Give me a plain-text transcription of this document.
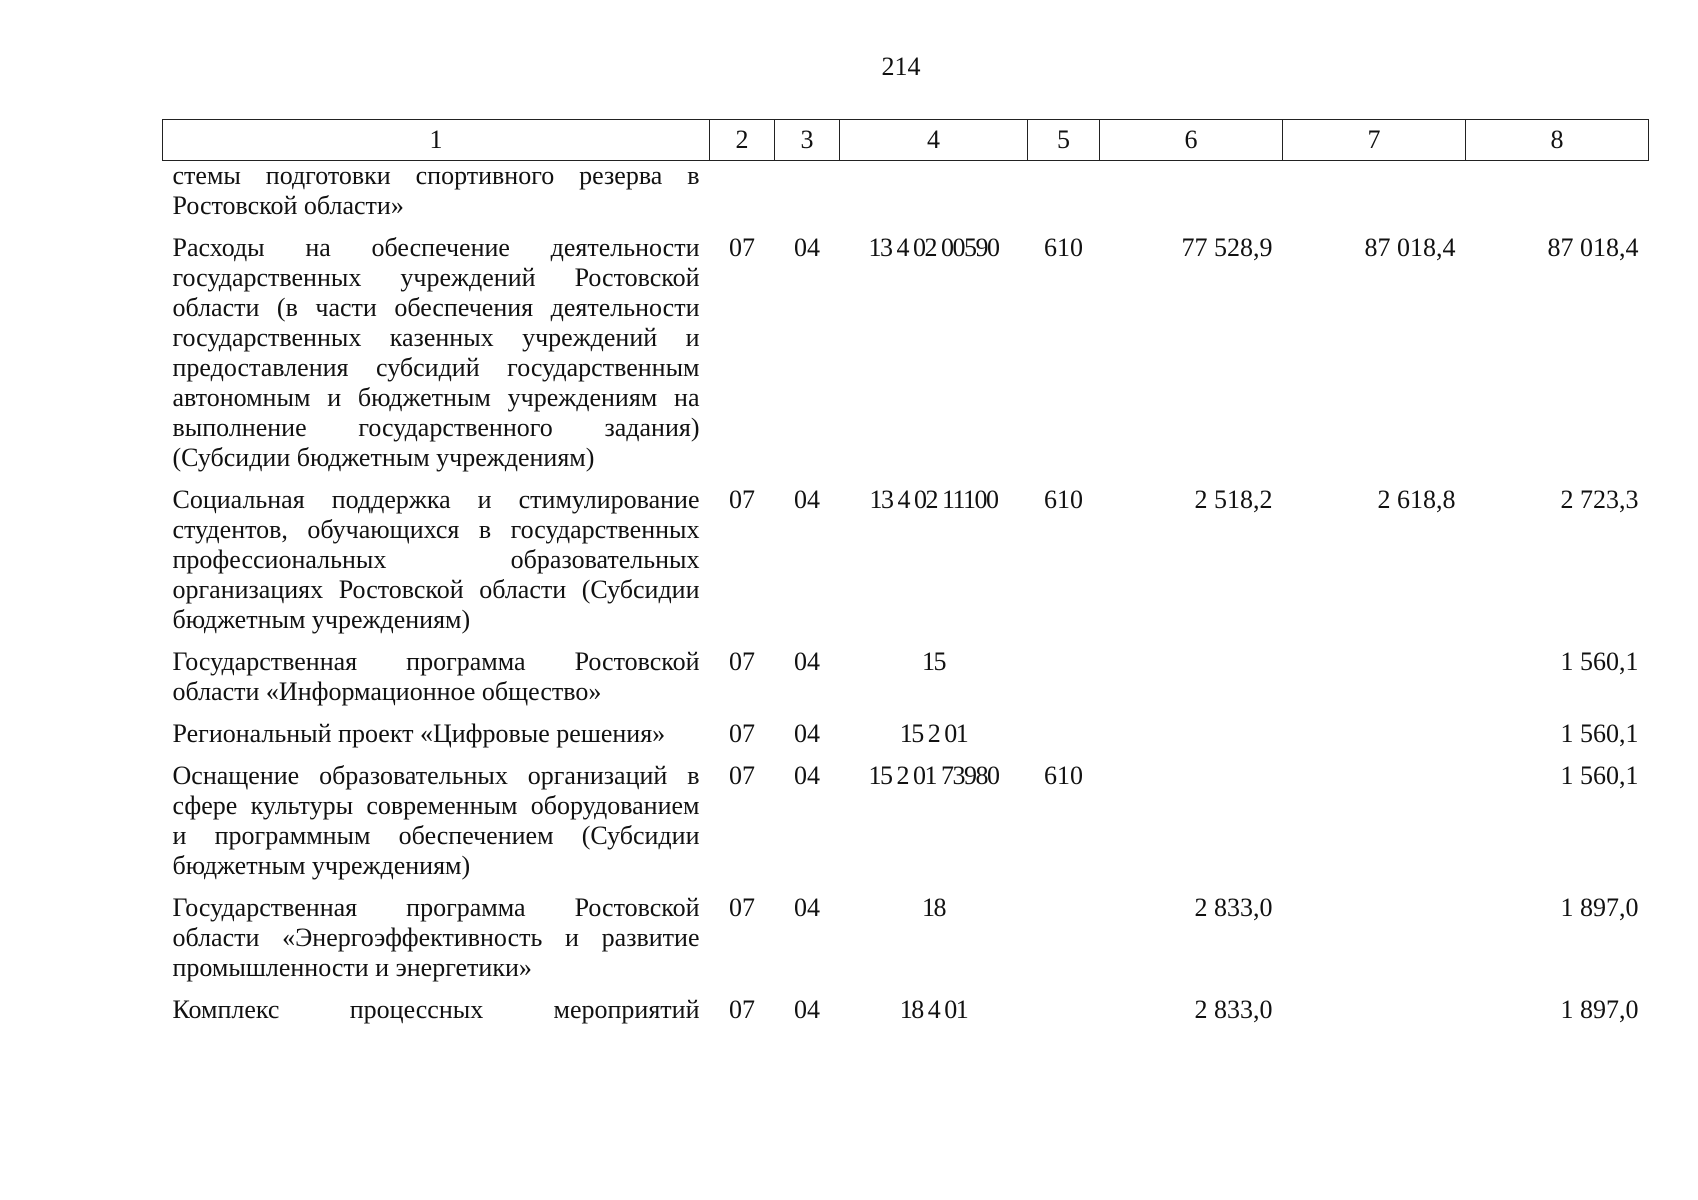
214
1	2	3	4	5	6	7	8
стемы подготовки спортивного резерва в Ростовской области»							
Расходы на обеспечение деятельности государственных учреждений Ростовской области (в части обеспечения деятельности государственных казенных учреждений и предоставления субсидий государственным автономным и бюджетным учреждениям на выполнение государственного задания) (Субсидии бюджетным учреждениям)	07	04	13 4 02 00590	610	77 528,9	87 018,4	87 018,4
Социальная поддержка и стимулирование студентов, обучающихся в государственных профессиональных образовательных организациях Ростовской области (Субсидии бюджетным учреждениям)	07	04	13 4 02 11100	610	2 518,2	2 618,8	2 723,3
Государственная программа Ростовской области «Информационное общество»	07	04	15				1 560,1
Региональный проект «Цифровые решения»	07	04	15 2 01				1 560,1
Оснащение образовательных организаций в сфере культуры современным оборудованием и программным обеспечением (Субсидии бюджетным учреждениям)	07	04	15 2 01 73980	610			1 560,1
Государственная программа Ростовской области «Энергоэффективность и развитие промышленности и энергетики»	07	04	18		2 833,0		1 897,0
Комплекс процессных мероприятий	07	04	18 4 01		2 833,0		1 897,0
